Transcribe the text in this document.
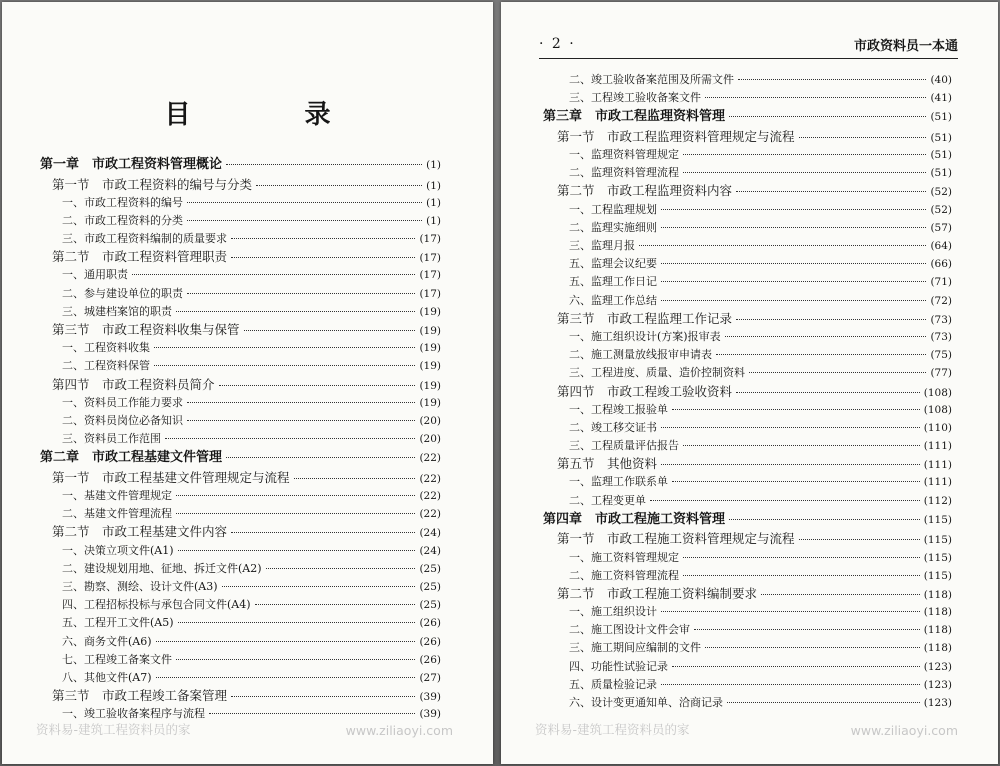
目　录
第一章　市政工程资料管理概论	(1)
第一节　市政工程资料的编号与分类	(1)
一、市政工程资料的编号	(1)
二、市政工程资料的分类	(1)
三、市政工程资料编制的质量要求	(17)
第二节　市政工程资料管理职责	(17)
一、通用职责	(17)
二、参与建设单位的职责	(17)
三、城建档案馆的职责	(19)
第三节　市政工程资料收集与保管	(19)
一、工程资料收集	(19)
二、工程资料保管	(19)
第四节　市政工程资料员简介	(19)
一、资料员工作能力要求	(19)
二、资料员岗位必备知识	(20)
三、资料员工作范围	(20)
第二章　市政工程基建文件管理	(22)
第一节　市政工程基建文件管理规定与流程	(22)
一、基建文件管理规定	(22)
二、基建文件管理流程	(22)
第二节　市政工程基建文件内容	(24)
一、决策立项文件(A1)	(24)
二、建设规划用地、征地、拆迁文件(A2)	(25)
三、勘察、测绘、设计文件(A3)	(25)
四、工程招标投标与承包合同文件(A4)	(25)
五、工程开工文件(A5)	(26)
六、商务文件(A6)	(26)
七、工程竣工备案文件	(26)
八、其他文件(A7)	(27)
第三节　市政工程竣工备案管理	(39)
一、竣工验收备案程序与流程	(39)
资料易-建筑工程资料员的家	www.ziliaoyi.com
· 2 ·	市政资料员一本通
二、竣工验收备案范围及所需文件	(40)
三、工程竣工验收备案文件	(41)
第三章　市政工程监理资料管理	(51)
第一节　市政工程监理资料管理规定与流程	(51)
一、监理资料管理规定	(51)
二、监理资料管理流程	(51)
第二节　市政工程监理资料内容	(52)
一、工程监理规划	(52)
二、监理实施细则	(57)
三、监理月报	(64)
五、监理会议纪要	(66)
五、监理工作日记	(71)
六、监理工作总结	(72)
第三节　市政工程监理工作记录	(73)
一、施工组织设计(方案)报审表	(73)
二、施工测量放线报审申请表	(75)
三、工程进度、质量、造价控制资料	(77)
第四节　市政工程竣工验收资料	(108)
一、工程竣工报验单	(108)
二、竣工移交证书	(110)
三、工程质量评估报告	(111)
第五节　其他资料	(111)
一、监理工作联系单	(111)
二、工程变更单	(112)
第四章　市政工程施工资料管理	(115)
第一节　市政工程施工资料管理规定与流程	(115)
一、施工资料管理规定	(115)
二、施工资料管理流程	(115)
第二节　市政工程施工资料编制要求	(118)
一、施工组织设计	(118)
二、施工图设计文件会审	(118)
三、施工期间应编制的文件	(118)
四、功能性试验记录	(123)
五、质量检验记录	(123)
六、设计变更通知单、洽商记录	(123)
资料易-建筑工程资料员的家	www.ziliaoyi.com
